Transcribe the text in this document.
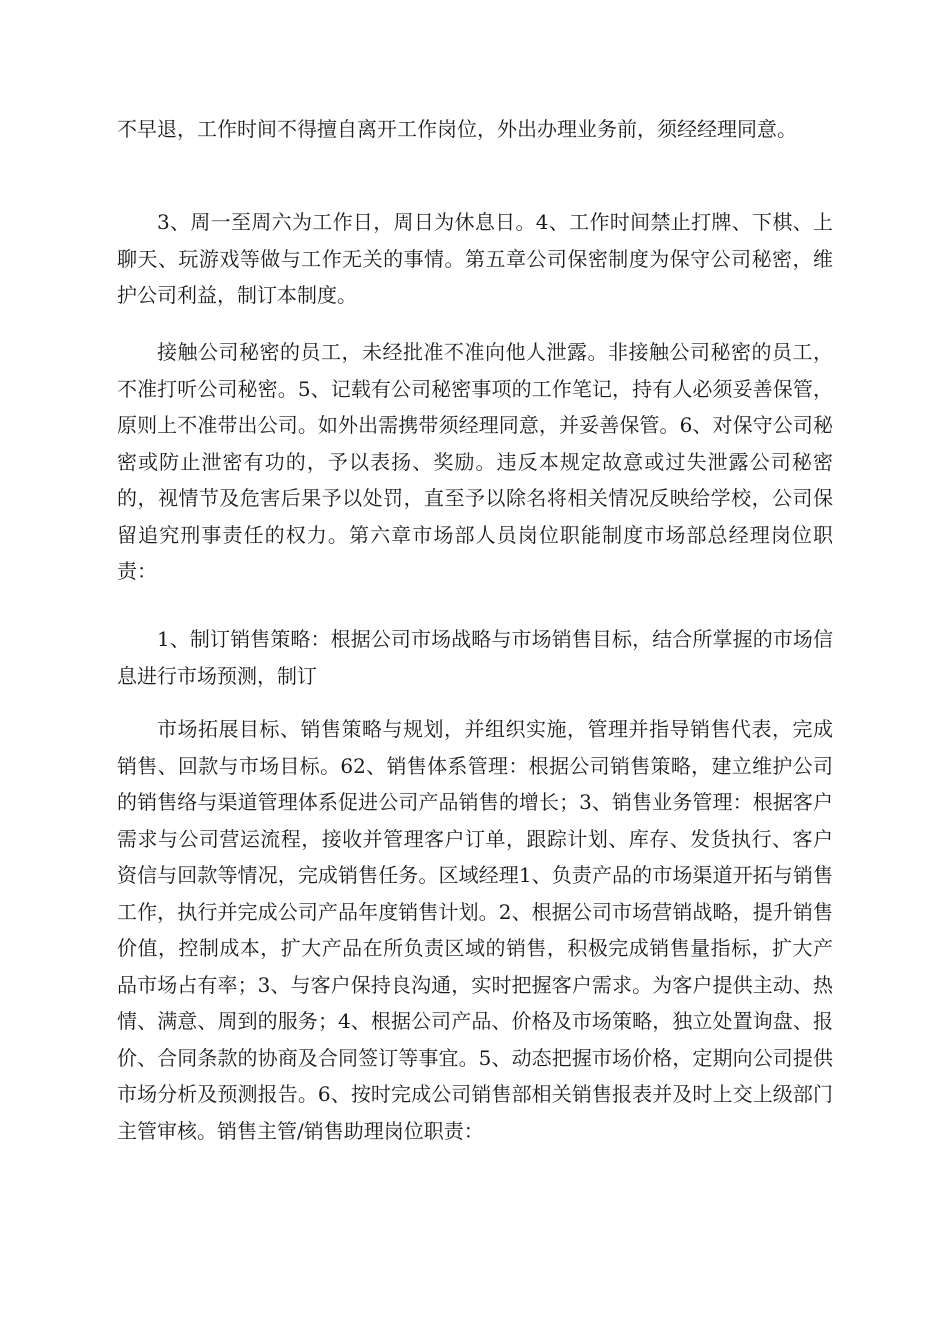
不早退，工作时间不得擅自离开工作岗位，外出办理业务前，须经经理同意。

3、周一至周六为工作日，周日为休息日。4、工作时间禁止打牌、下棋、上聊天、玩游戏等做与工作无关的事情。第五章公司保密制度为保守公司秘密，维护公司利益，制订本制度。

接触公司秘密的员工，未经批准不准向他人泄露。非接触公司秘密的员工，不准打听公司秘密。5、记载有公司秘密事项的工作笔记，持有人必须妥善保管，原则上不准带出公司。如外出需携带须经理同意，并妥善保管。6、对保守公司秘密或防止泄密有功的，予以表扬、奖励。违反本规定故意或过失泄露公司秘密的，视情节及危害后果予以处罚，直至予以除名将相关情况反映给学校，公司保留追究刑事责任的权力。第六章市场部人员岗位职能制度市场部总经理岗位职责：

1、制订销售策略：根据公司市场战略与市场销售目标，结合所掌握的市场信息进行市场预测，制订

市场拓展目标、销售策略与规划，并组织实施，管理并指导销售代表，完成销售、回款与市场目标。62、销售体系管理：根据公司销售策略，建立维护公司的销售络与渠道管理体系促进公司产品销售的增长；3、销售业务管理：根据客户需求与公司营运流程，接收并管理客户订单，跟踪计划、库存、发货执行、客户资信与回款等情况，完成销售任务。区域经理1、负责产品的市场渠道开拓与销售工作，执行并完成公司产品年度销售计划。2、根据公司市场营销战略，提升销售价值，控制成本，扩大产品在所负责区域的销售，积极完成销售量指标，扩大产品市场占有率；3、与客户保持良沟通，实时把握客户需求。为客户提供主动、热情、满意、周到的服务；4、根据公司产品、价格及市场策略，独立处置询盘、报价、合同条款的协商及合同签订等事宜。5、动态把握市场价格，定期向公司提供市场分析及预测报告。6、按时完成公司销售部相关销售报表并及时上交上级部门主管审核。销售主管/销售助理岗位职责：
